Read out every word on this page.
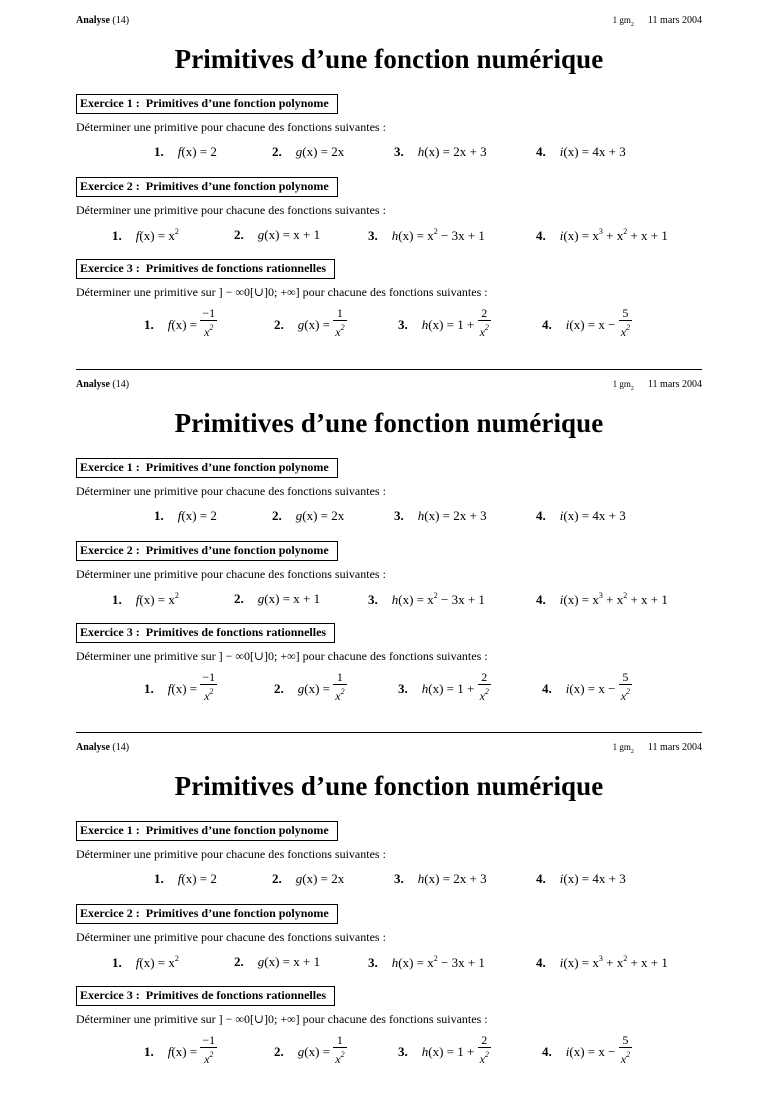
Analyse (14)	1 $gm_2$ 11 mars 2004
Primitives d’une fonction numérique
Exercice 1 : Primitives d’une fonction polynome
Déterminer une primitive pour chacune des fonctions suivantes :
1. f(x) = 2	2. g(x) = 2x	3. h(x) = 2x + 3	4. i(x) = 4x + 3
Exercice 2 : Primitives d’une fonction polynome
Déterminer une primitive pour chacune des fonctions suivantes :
1. $f(x) = x^2$	2. g(x) = x + 1	3. $h(x) = x^2 - 3x + 1$	4. $i(x) = x^3 + x^2 + x + 1$
Exercice 3 : Primitives de fonctions rationnelles
Déterminer une primitive sur ] − ∞0[∪]0; +∞] pour chacune des fonctions suivantes :
1. $f(x) = \frac{-1}{x^2}$	2. $g(x) = \frac{1}{x^2}$	3. $h(x) = 1 + \frac{2}{x^2}$	4. $i(x) = x - \frac{5}{x^2}$
Analyse (14)	1 $gm_2$ 11 mars 2004
Primitives d’une fonction numérique
Exercice 1 : Primitives d’une fonction polynome
Déterminer une primitive pour chacune des fonctions suivantes :
1. f(x) = 2	2. g(x) = 2x	3. h(x) = 2x + 3	4. i(x) = 4x + 3
Exercice 2 : Primitives d’une fonction polynome
Déterminer une primitive pour chacune des fonctions suivantes :
1. $f(x) = x^2$	2. g(x) = x + 1	3. $h(x) = x^2 - 3x + 1$	4. $i(x) = x^3 + x^2 + x + 1$
Exercice 3 : Primitives de fonctions rationnelles
Déterminer une primitive sur ] − ∞0[∪]0; +∞] pour chacune des fonctions suivantes :
1. $f(x) = \frac{-1}{x^2}$	2. $g(x) = \frac{1}{x^2}$	3. $h(x) = 1 + \frac{2}{x^2}$	4. $i(x) = x - \frac{5}{x^2}$
Analyse (14)	1 $gm_2$ 11 mars 2004
Primitives d’une fonction numérique
Exercice 1 : Primitives d’une fonction polynome
Déterminer une primitive pour chacune des fonctions suivantes :
1. f(x) = 2	2. g(x) = 2x	3. h(x) = 2x + 3	4. i(x) = 4x + 3
Exercice 2 : Primitives d’une fonction polynome
Déterminer une primitive pour chacune des fonctions suivantes :
1. $f(x) = x^2$	2. g(x) = x + 1	3. $h(x) = x^2 - 3x + 1$	4. $i(x) = x^3 + x^2 + x + 1$
Exercice 3 : Primitives de fonctions rationnelles
Déterminer une primitive sur ] − ∞0[∪]0; +∞] pour chacune des fonctions suivantes :
1. $f(x) = \frac{-1}{x^2}$	2. $g(x) = \frac{1}{x^2}$	3. $h(x) = 1 + \frac{2}{x^2}$	4. $i(x) = x - \frac{5}{x^2}$
